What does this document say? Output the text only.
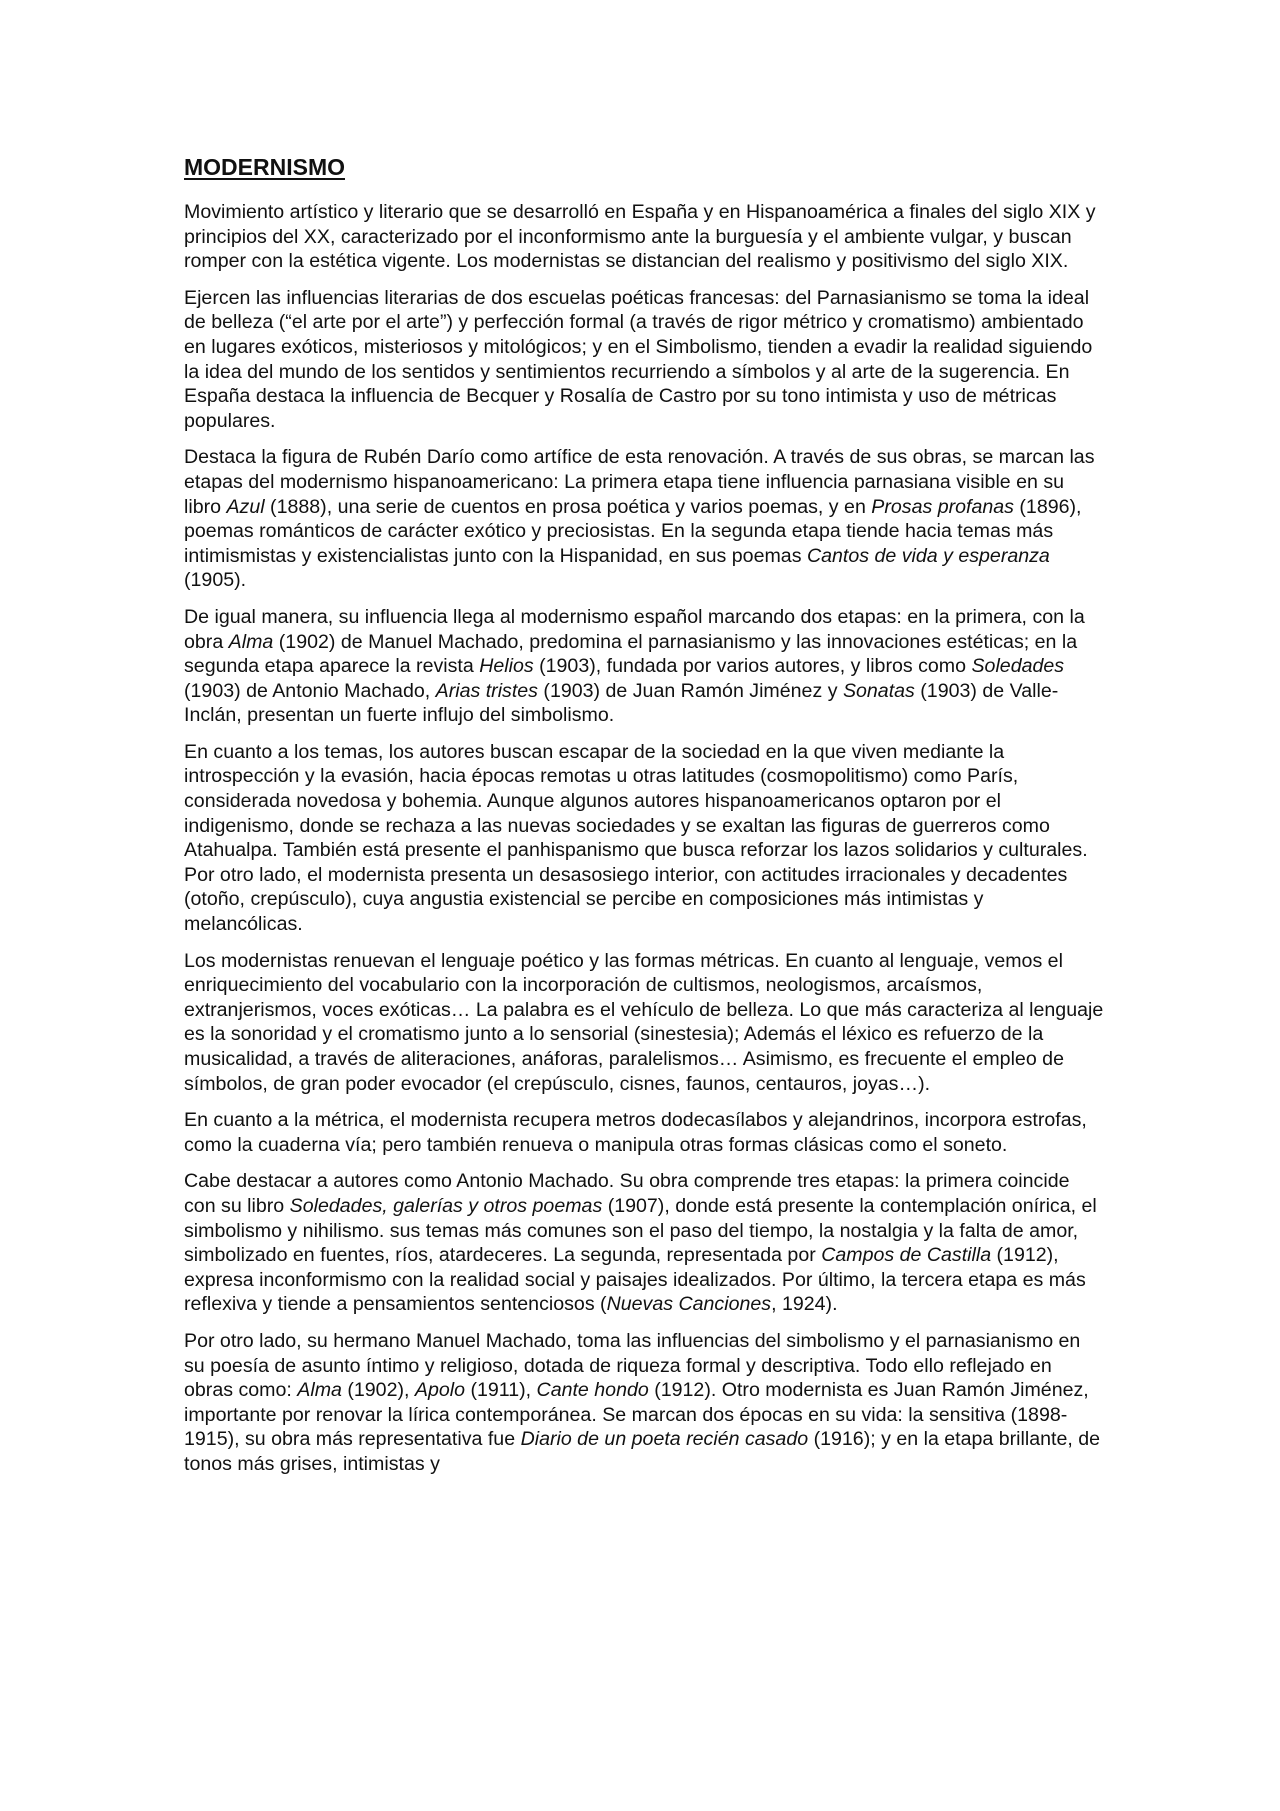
MODERNISMO

Movimiento artístico y literario que se desarrolló en España y en Hispanoamérica a finales del siglo XIX y principios del XX, caracterizado por el inconformismo ante la burguesía y el ambiente vulgar, y buscan romper con la estética vigente. Los modernistas se distancian del realismo y positivismo del siglo XIX.

Ejercen las influencias literarias de dos escuelas poéticas francesas: del Parnasianismo se toma la ideal de belleza (“el arte por el arte”) y perfección formal (a través de rigor métrico y cromatismo) ambientado en lugares exóticos, misteriosos y mitológicos; y en el Simbolismo, tienden a evadir la realidad siguiendo la idea del mundo de los sentidos y sentimientos recurriendo a símbolos y al arte de la sugerencia. En España destaca la influencia de Becquer y Rosalía de Castro por su tono intimista y uso de métricas populares.

Destaca la figura de Rubén Darío como artífice de esta renovación. A través de sus obras, se marcan las etapas del modernismo hispanoamericano: La primera etapa tiene influencia parnasiana visible en su libro Azul (1888), una serie de cuentos en prosa poética y varios poemas, y en Prosas profanas (1896), poemas románticos de carácter exótico y preciosistas. En la segunda etapa tiende hacia temas más intimismistas y existencialistas junto con la Hispanidad, en sus poemas Cantos de vida y esperanza (1905).

De igual manera, su influencia llega al modernismo español marcando dos etapas: en la primera, con la obra Alma (1902) de Manuel Machado, predomina el parnasianismo y las innovaciones estéticas; en la segunda etapa aparece la revista Helios (1903), fundada por varios autores, y libros como Soledades (1903) de Antonio Machado, Arias tristes (1903) de Juan Ramón Jiménez y Sonatas (1903) de Valle-Inclán, presentan un fuerte influjo del simbolismo.

En cuanto a los temas, los autores buscan escapar de la sociedad en la que viven mediante la introspección y la evasión, hacia épocas remotas u otras latitudes (cosmopolitismo) como París, considerada novedosa y bohemia. Aunque algunos autores hispanoamericanos optaron por el indigenismo, donde se rechaza a las nuevas sociedades y se exaltan las figuras de guerreros como Atahualpa. También está presente el panhispanismo que busca reforzar los lazos solidarios y culturales. Por otro lado, el modernista presenta un desasosiego interior, con actitudes irracionales y decadentes (otoño, crepúsculo), cuya angustia existencial se percibe en composiciones más intimistas y melancólicas.

Los modernistas renuevan el lenguaje poético y las formas métricas. En cuanto al lenguaje, vemos el enriquecimiento del vocabulario con la incorporación de cultismos, neologismos, arcaísmos, extranjerismos, voces exóticas… La palabra es el vehículo de belleza. Lo que más caracteriza al lenguaje es la sonoridad y el cromatismo junto a lo sensorial (sinestesia); Además el léxico es refuerzo de la musicalidad, a través de aliteraciones, anáforas, paralelismos… Asimismo, es frecuente el empleo de símbolos, de gran poder evocador (el crepúsculo, cisnes, faunos, centauros, joyas…).

En cuanto a la métrica, el modernista recupera metros dodecasílabos y alejandrinos, incorpora estrofas, como la cuaderna vía; pero también renueva o manipula otras formas clásicas como el soneto.

Cabe destacar a autores como Antonio Machado. Su obra comprende tres etapas: la primera coincide con su libro Soledades, galerías y otros poemas (1907), donde está presente la contemplación onírica, el simbolismo y nihilismo. sus temas más comunes son el paso del tiempo, la nostalgia y la falta de amor, simbolizado en fuentes, ríos, atardeceres. La segunda, representada por Campos de Castilla (1912), expresa inconformismo con la realidad social y paisajes idealizados. Por último, la tercera etapa es más reflexiva y tiende a pensamientos sentenciosos (Nuevas Canciones, 1924).

Por otro lado, su hermano Manuel Machado, toma las influencias del simbolismo y el parnasianismo en su poesía de asunto íntimo y religioso, dotada de riqueza formal y descriptiva. Todo ello reflejado en obras como: Alma (1902), Apolo (1911), Cante hondo (1912). Otro modernista es Juan Ramón Jiménez, importante por renovar la lírica contemporánea. Se marcan dos épocas en su vida: la sensitiva (1898-1915), su obra más representativa fue Diario de un poeta recién casado (1916); y en la etapa brillante, de tonos más grises, intimistas y
